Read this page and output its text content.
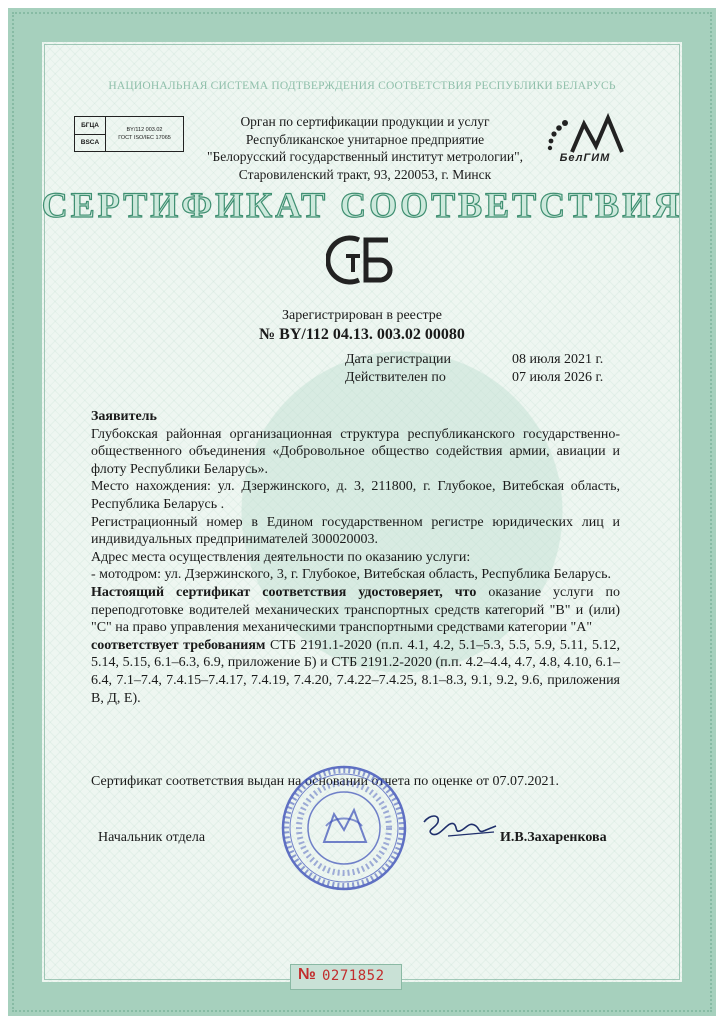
НАЦИОНАЛЬНАЯ СИСТЕМА ПОДТВЕРЖДЕНИЯ СООТВЕТСТВИЯ РЕСПУБЛИКИ БЕЛАРУСЬ
БГЦА
BSCA
BY/112 003.02
ГОСТ ISO/IEC 17065
Орган по сертификации продукции и услуг
Республиканское унитарное предприятие
"Белорусский государственный институт метрологии",
Старовиленский тракт, 93, 220053, г. Минск
БелГИМ
СЕРТИФИКАТ СООТВЕТСТВИЯ
Зарегистрирован в реестре
№ BY/112 04.13. 003.02 00080
Дата регистрации	08 июля 2021 г.
Действителен по	07 июля 2026 г.

Заявитель

Глубокская районная организационная структура республиканского государственно-общественного объединения «Добровольное общество содействия армии, авиации и флоту Республики Беларусь».

Место нахождения: ул. Дзержинского, д. 3, 211800, г. Глубокое, Витебская область, Республика Беларусь .

Регистрационный номер в Едином государственном регистре юридических лиц и индивидуальных предпринимателей 300020003.

Адрес места осуществления деятельности по оказанию услуги:

- мотодром: ул. Дзержинского, 3, г. Глубокое, Витебская область, Республика Беларусь.

Настоящий сертификат соответствия удостоверяет, что оказание услуги по переподготовке водителей механических транспортных средств категорий "В" и (или) "С" на право управления механическими транспортными средствами категории "А"

соответствует требованиям СТБ 2191.1-2020 (п.п. 4.1, 4.2, 5.1–5.3, 5.5, 5.9, 5.11, 5.12, 5.14, 5.15, 6.1–6.3, 6.9, приложение Б) и СТБ 2191.2-2020 (п.п. 4.2–4.4, 4.7, 4.8, 4.10, 6.1–6.4, 7.1–7.4, 7.4.15–7.4.17, 7.4.19, 7.4.20, 7.4.22–7.4.25, 8.1–8.3, 9.1, 9.2, 9.6, приложения В, Д, Е).

Сертификат соответствия выдан на основании отчета по оценке от 07.07.2021.
Начальник отдела	И.В.Захаренкова
№ 0271852
